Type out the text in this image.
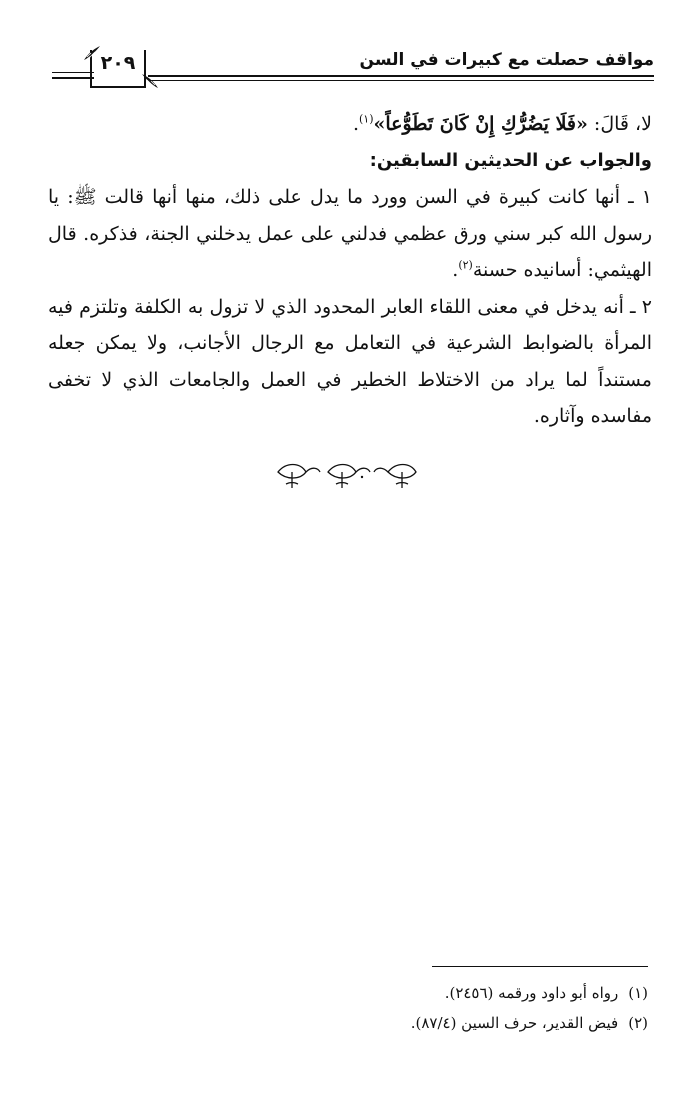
مواقف حصلت مع كبيرات في السن
٢٠٩

لا، قَالَ: «فَلَا يَضُرُّكِ إِنْ كَانَ تَطَوُّعاً»$^{(١)}$.

والجواب عن الحديثين السابقين:

١ ـ أنها كانت كبيرة في السن وورد ما يدل على ذلك، منها أنها قالت ﷺ: يا رسول الله كبر سني ورق عظمي فدلني على عمل يدخلني الجنة، فذكره. قال الهيثمي: أسانيده حسنة$^{(٢)}$.

٢ ـ أنه يدخل في معنى اللقاء العابر المحدود الذي لا تزول به الكلفة وتلتزم فيه المرأة بالضوابط الشرعية في التعامل مع الرجال الأجانب، ولا يمكن جعله مستنداً لما يراد من الاختلاط الخطير في العمل والجامعات الذي لا تخفى مفاسده وآثاره.

(١)رواه أبو داود ورقمه (٢٤٥٦).
(٢)فيض القدير، حرف السين (٨٧/٤).
